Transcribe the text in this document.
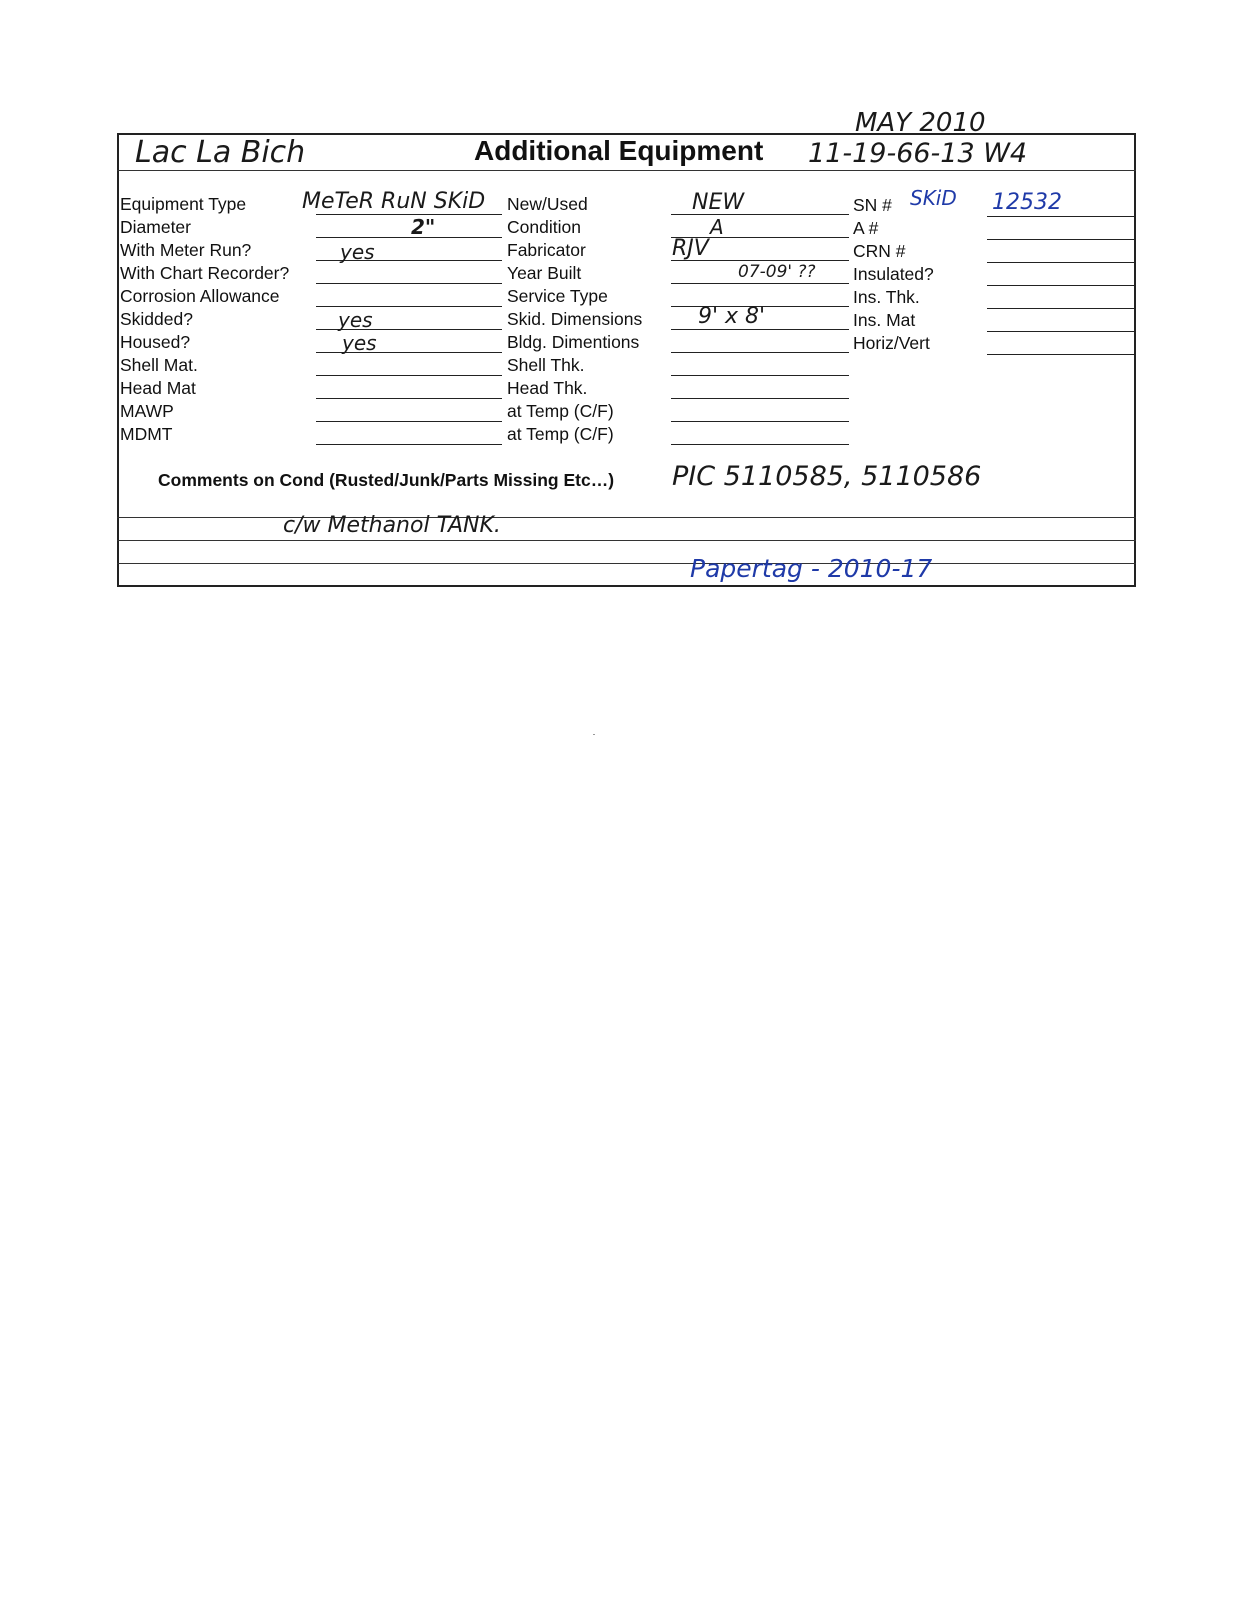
Lac La Bich
MAY 2010
11-19-66-13 W4
Additional Equipment
Equipment Type
Diameter
With Meter Run?
With Chart Recorder?
Corrosion Allowance
Skidded?
Housed?
Shell Mat.
Head Mat
MAWP
MDMT
MeTeR RuN SKiD
2"
yes
yes
yes
New/Used
Condition
Fabricator
Year Built
Service Type
Skid. Dimensions
Bldg. Dimentions
Shell Thk.
Head Thk.
at Temp (C/F)
at Temp (C/F)
NEW
A
RJV
07-09' ??
9' x 8'
SN #
A #
CRN #
Insulated?
Ins. Thk.
Ins. Mat
Horiz/Vert
SKiD 12532
Comments on Cond (Rusted/Junk/Parts Missing Etc…) PIC 5110585, 5110586
c/w Methanol TANK.
Papertag - 2010-17
